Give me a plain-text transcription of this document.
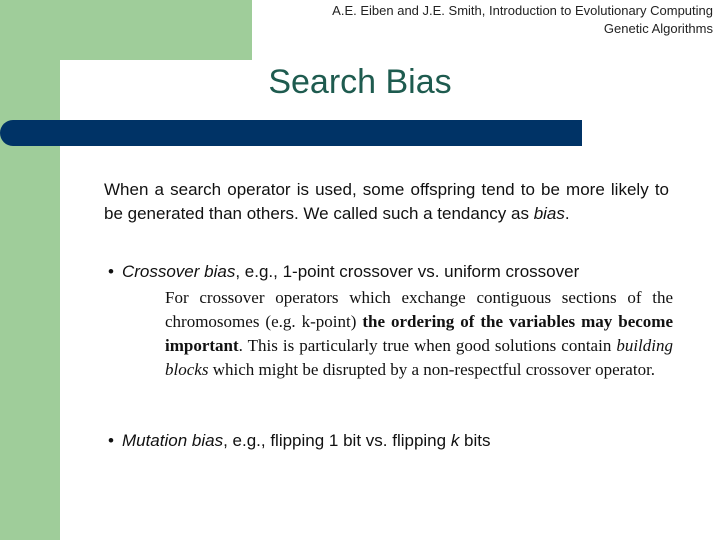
A.E. Eiben and J.E. Smith, Introduction to Evolutionary Computing
Genetic Algorithms
Search Bias
When a search operator is used, some offspring tend to be more likely to be generated than others. We called such a tendancy as bias.
• Crossover bias, e.g., 1-point crossover vs. uniform crossover
For crossover operators which exchange contiguous sections of the chromosomes (e.g. k-point) the ordering of the variables may become important. This is particularly true when good solutions contain building blocks which might be disrupted by a non-respectful crossover operator.
• Mutation bias, e.g., flipping 1 bit vs. flipping k bits
